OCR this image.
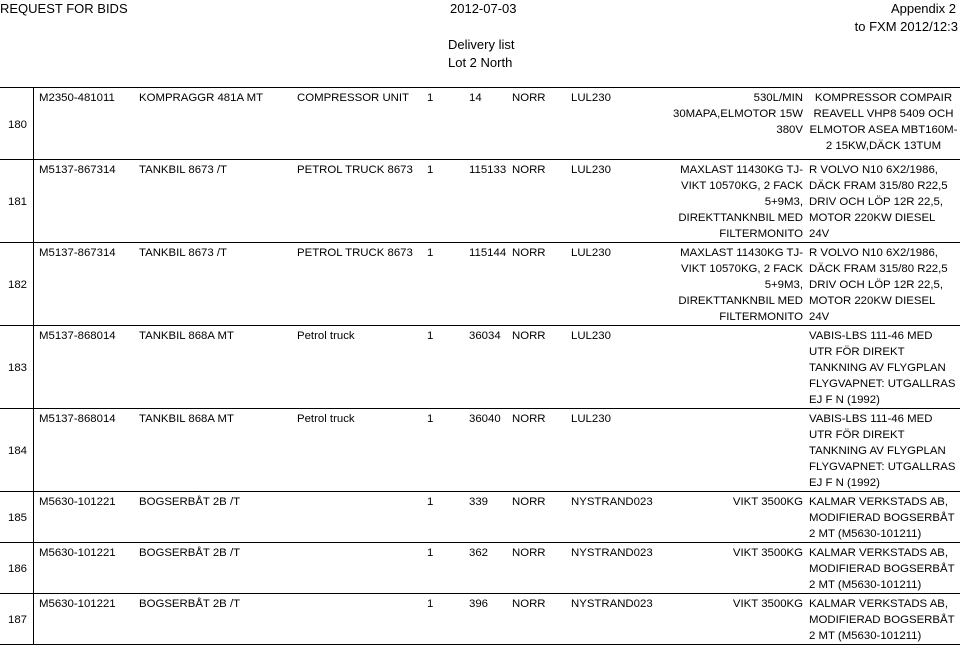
REQUEST FOR BIDS	2012-07-03	Appendix 2
to FXM 2012/12:3
Delivery list
Lot 2 North
180		M2350-481011	KOMPRAGGR 481A MT	COMPRESSOR UNIT	1	14	NORR	LUL230	530L/MIN
30MAPA,ELMOTOR 15W
380V	KOMPRESSOR COMPAIR REAVELL VHP8 5409 OCH ELMOTOR ASEA MBT160M-2 15KW,DÄCK 13TUM
181		M5137-867314	TANKBIL 8673 /T	PETROL TRUCK 8673	1	115133	NORR	LUL230	MAXLAST 11430KG TJ-
VIKT 10570KG, 2 FACK
5+9M3,
DIREKTTANKNBIL MED
FILTERMONITO	R VOLVO N10 6X2/1986, DÄCK FRAM 315/80 R22,5 DRIV OCH LÖP 12R 22,5, MOTOR 220KW DIESEL 24V
182		M5137-867314	TANKBIL 8673 /T	PETROL TRUCK 8673	1	115144	NORR	LUL230	MAXLAST 11430KG TJ-
VIKT 10570KG, 2 FACK
5+9M3,
DIREKTTANKNBIL MED
FILTERMONITO	R VOLVO N10 6X2/1986, DÄCK FRAM 315/80 R22,5 DRIV OCH LÖP 12R 22,5, MOTOR 220KW DIESEL 24V
183		M5137-868014	TANKBIL 868A MT	Petrol truck	1	36034	NORR	LUL230		VABIS-LBS 111-46 MED UTR FÖR DIREKT TANKNING AV FLYGPLAN FLYGVAPNET: UTGALLRAS EJ F N (1992)
184		M5137-868014	TANKBIL 868A MT	Petrol truck	1	36040	NORR	LUL230		VABIS-LBS 111-46 MED UTR FÖR DIREKT TANKNING AV FLYGPLAN FLYGVAPNET: UTGALLRAS EJ F N (1992)
185		M5630-101221	BOGSERBÅT 2B /T		1	339	NORR	NYSTRAND023	VIKT 3500KG	KALMAR VERKSTADS AB, MODIFIERAD BOGSERBÅT 2 MT (M5630-101211)
186		M5630-101221	BOGSERBÅT 2B /T		1	362	NORR	NYSTRAND023	VIKT 3500KG	KALMAR VERKSTADS AB, MODIFIERAD BOGSERBÅT 2 MT (M5630-101211)
187		M5630-101221	BOGSERBÅT 2B /T		1	396	NORR	NYSTRAND023	VIKT 3500KG	KALMAR VERKSTADS AB, MODIFIERAD BOGSERBÅT 2 MT (M5630-101211)
